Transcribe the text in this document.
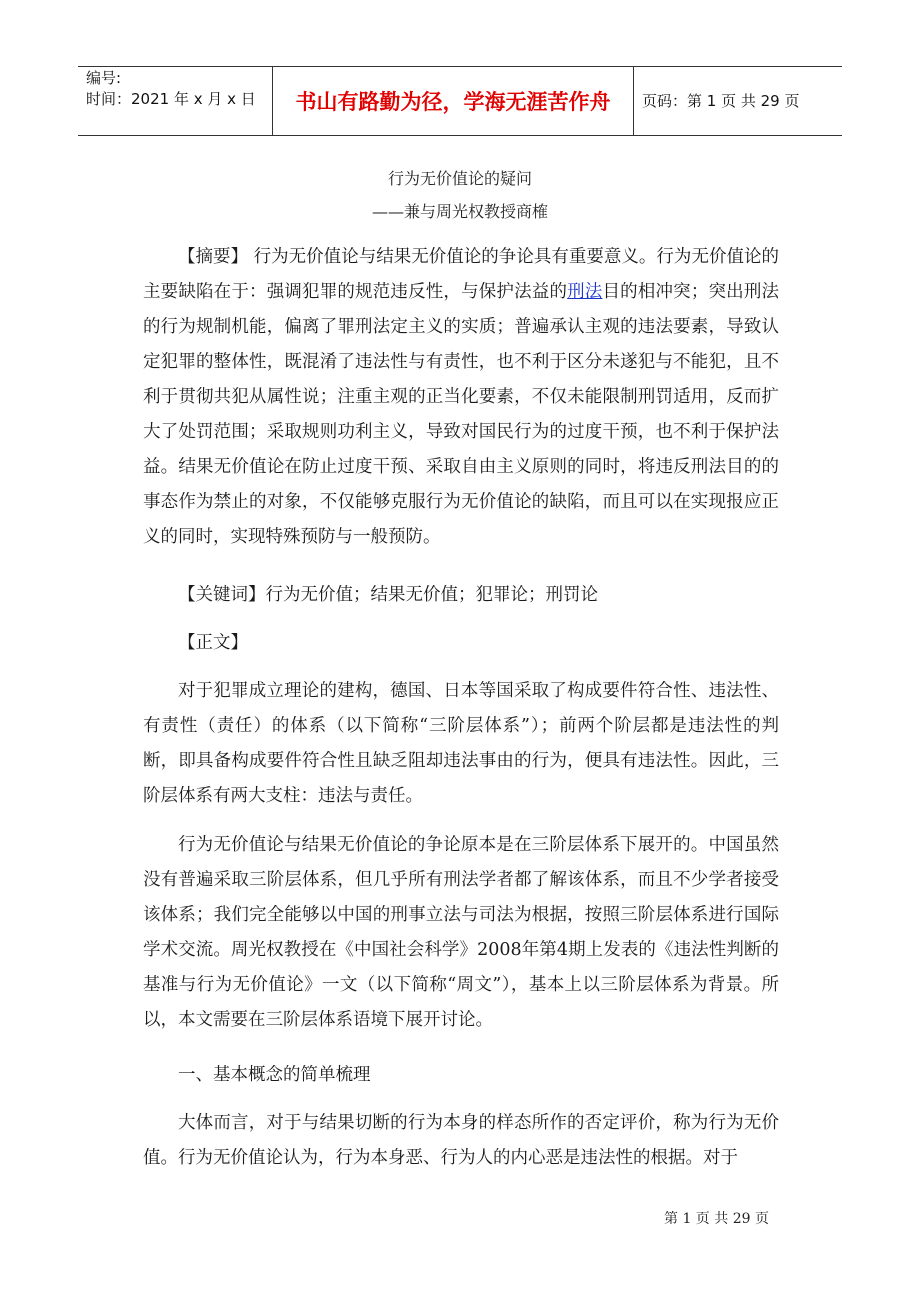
编号:
时间：2021 年 x 月 x 日	书山有路勤为径，学海无涯苦作舟	页码：第 1 页 共 29 页
行为无价值论的疑问
——兼与周光权教授商榷

【摘要】 行为无价值论与结果无价值论的争论具有重要意义。行为无价值论的主要缺陷在于：强调犯罪的规范违反性，与保护法益的刑法目的相冲突；突出刑法的行为规制机能，偏离了罪刑法定主义的实质；普遍承认主观的违法要素，导致认定犯罪的整体性，既混淆了违法性与有责性，也不利于区分未遂犯与不能犯，且不利于贯彻共犯从属性说；注重主观的正当化要素，不仅未能限制刑罚适用，反而扩大了处罚范围；采取规则功利主义，导致对国民行为的过度干预，也不利于保护法益。结果无价值论在防止过度干预、采取自由主义原则的同时，将违反刑法目的的事态作为禁止的对象，不仅能够克服行为无价值论的缺陷，而且可以在实现报应正义的同时，实现特殊预防与一般预防。

【关键词】行为无价值；结果无价值；犯罪论；刑罚论

【正文】

对于犯罪成立理论的建构，德国、日本等国采取了构成要件符合性、违法性、有责性（责任）的体系（以下简称“三阶层体系”）；前两个阶层都是违法性的判断，即具备构成要件符合性且缺乏阻却违法事由的行为，便具有违法性。因此，三阶层体系有两大支柱：违法与责任。

行为无价值论与结果无价值论的争论原本是在三阶层体系下展开的。中国虽然没有普遍采取三阶层体系，但几乎所有刑法学者都了解该体系，而且不少学者接受该体系；我们完全能够以中国的刑事立法与司法为根据，按照三阶层体系进行国际学术交流。周光权教授在《中国社会科学》2008年第4期上发表的《违法性判断的基准与行为无价值论》一文（以下简称“周文”），基本上以三阶层体系为背景。所以，本文需要在三阶层体系语境下展开讨论。

一、基本概念的简单梳理

大体而言，对于与结果切断的行为本身的样态所作的否定评价，称为行为无价值。行为无价值论认为，行为本身恶、行为人的内心恶是违法性的根据。对于

第 1 页 共 29 页
